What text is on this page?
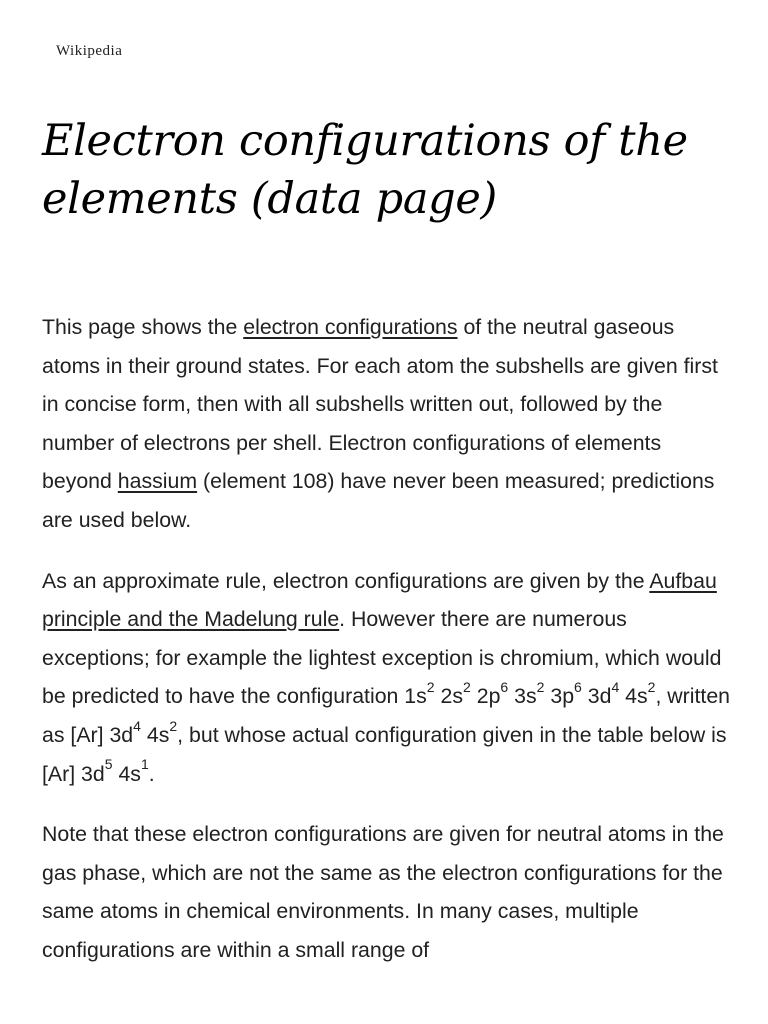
Wikipedia
Electron configurations of the elements (data page)

This page shows the electron configurations of the neutral gaseous atoms in their ground states. For each atom the subshells are given first in concise form, then with all subshells written out, followed by the number of electrons per shell. Electron configurations of elements beyond hassium (element 108) have never been measured; predictions are used below.

As an approximate rule, electron configurations are given by the Aufbau principle and the Madelung rule. However there are numerous exceptions; for example the lightest exception is chromium, which would be predicted to have the configuration $1s^2$ $2s^2$ $2p^6$ $3s^2$ $3p^6$ $3d^4$ $4s^2$, written as [Ar] $3d^4$ $4s^2$, but whose actual configuration given in the table below is [Ar] $3d^5$ $4s^1$.

Note that these electron configurations are given for neutral atoms in the gas phase, which are not the same as the electron configurations for the same atoms in chemical environments. In many cases, multiple configurations are within a small range of
